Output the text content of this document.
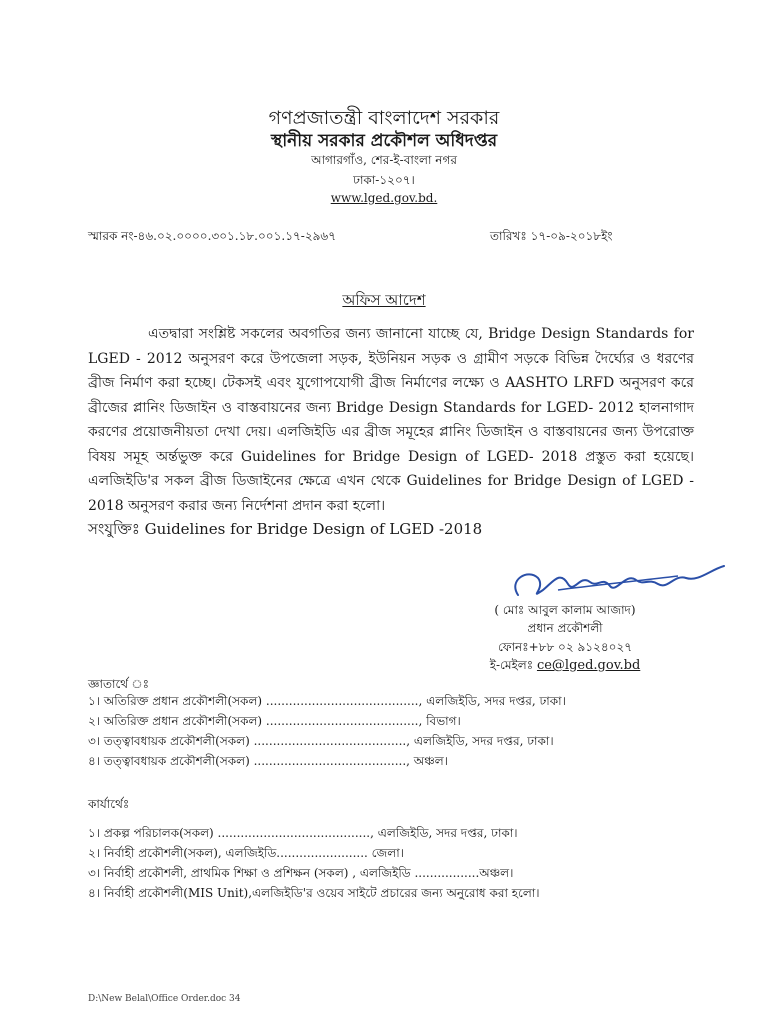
গণপ্রজাতন্ত্রী বাংলাদেশ সরকার
স্থানীয় সরকার প্রকৌশল অধিদপ্তর
আগারগাঁও, শের-ই-বাংলা নগর
ঢাকা-১২০৭।
www.lged.gov.bd.
স্মারক নং-৪৬.০২.০০০০.৩০১.১৮.০০১.১৭-২৯৬৭	তারিখঃ ১৭-০৯-২০১৮ইং
অফিস আদেশ

এতদ্বারা সংশ্লিষ্ট সকলের অবগতির জন্য জানানো যাচ্ছে যে, Bridge Design Standards for LGED - 2012 অনুসরণ করে উপজেলা সড়ক, ইউনিয়ন সড়ক ও গ্রামীণ সড়কে বিভিন্ন দৈর্ঘ্যের ও ধরণের ব্রীজ নির্মাণ করা হচ্ছে। টেকসই এবং যুগোপযোগী ব্রীজ নির্মাণের লক্ষ্যে ও AASHTO LRFD অনুসরণ করে ব্রীজের প্লানিং ডিজাইন ও বাস্তবায়নের জন্য Bridge Design Standards for LGED- 2012 হালনাগাদ করণের প্রয়োজনীয়তা দেখা দেয়। এলজিইডি এর ব্রীজ সমূহের প্লানিং ডিজাইন ও বাস্তবায়নের জন্য উপরোক্ত বিষয় সমূহ অর্ন্তভুক্ত করে Guidelines for Bridge Design of LGED- 2018 প্রস্তুত করা হয়েছে। এলজিইডি'র সকল ব্রীজ ডিজাইনের ক্ষেত্রে এখন থেকে Guidelines for Bridge Design of LGED - 2018 অনুসরণ করার জন্য নির্দেশনা প্রদান করা হলো।

সংযুক্তিঃ Guidelines for Bridge Design of LGED -2018
( মোঃ আবুল কালাম আজাদ)
প্রধান প্রকৌশলী
ফোনঃ+৮৮ ০২ ৯১২৪০২৭
ই-মেইলঃ ce@lged.gov.bd
জ্ঞাতার্থে ঃ
১। অতিরিক্ত প্রধান প্রকৌশলী(সকল) ........................................, এলজিইডি, সদর দপ্তর, ঢাকা।
২। অতিরিক্ত প্রধান প্রকৌশলী(সকল) ........................................, বিভাগ।
৩। তত্ত্বাবধায়ক প্রকৌশলী(সকল) ........................................, এলজিইডি, সদর দপ্তর, ঢাকা।
৪। তত্ত্বাবধায়ক প্রকৌশলী(সকল) ........................................, অঞ্চল।
কার্যার্থেঃ
১। প্রকল্প পরিচালক(সকল) ........................................, এলজিইডি, সদর দপ্তর, ঢাকা।
২। নির্বাহী প্রকৌশলী(সকল), এলজিইডি........................ জেলা।
৩। নির্বাহী প্রকৌশলী, প্রাথমিক শিক্ষা ও প্রশিক্ষন (সকল) , এলজিইডি .................অঞ্চল।
৪। নির্বাহী প্রকৌশলী(MIS Unit),এলজিইডি'র ওয়েব সাইটে প্রচারের জন্য অনুরোধ করা হলো।
D:\New Belal\Office Order.doc 34
